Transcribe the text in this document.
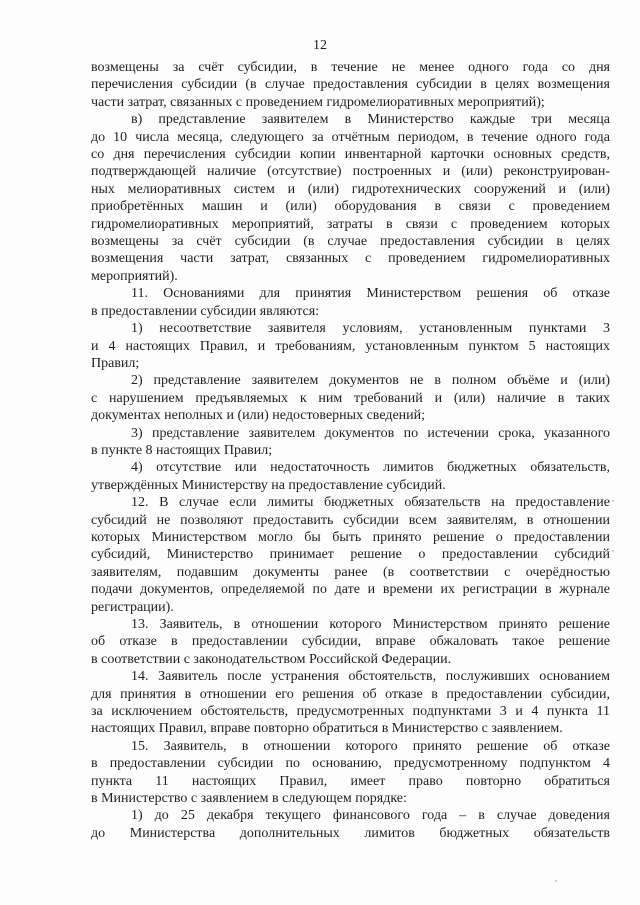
12
возмещены за счёт субсидии, в течение не менее одного года со дня
перечисления субсидии (в случае предоставления субсидии в целях возмещения
части затрат, связанных с проведением гидромелиоративных мероприятий);
в) представление заявителем в Министерство каждые три месяца
до 10 числа месяца, следующего за отчётным периодом, в течение одного года
со дня перечисления субсидии копии инвентарной карточки основных средств,
подтверждающей наличие (отсутствие) построенных и (или) реконструирован-
ных мелиоративных систем и (или) гидротехнических сооружений и (или)
приобретённых машин и (или) оборудования в связи с проведением
гидромелиоративных мероприятий, затраты в связи с проведением которых
возмещены за счёт субсидии (в случае предоставления субсидии в целях
возмещения части затрат, связанных с проведением гидромелиоративных
мероприятий).
11. Основаниями для принятия Министерством решения об отказе
в предоставлении субсидии являются:
1) несоответствие заявителя условиям, установленным пунктами 3
и 4 настоящих Правил, и требованиям, установленным пунктом 5 настоящих
Правил;
2) представление заявителем документов не в полном объёме и (или)
с нарушением предъявляемых к ним требований и (или) наличие в таких
документах неполных и (или) недостоверных сведений;
3) представление заявителем документов по истечении срока, указанного
в пункте 8 настоящих Правил;
4) отсутствие или недостаточность лимитов бюджетных обязательств,
утверждённых Министерству на предоставление субсидий.
12. В случае если лимиты бюджетных обязательств на предоставление
субсидий не позволяют предоставить субсидии всем заявителям, в отношении
которых Министерством могло бы быть принято решение о предоставлении
субсидий, Министерство принимает решение о предоставлении субсидий
заявителям, подавшим документы ранее (в соответствии с очерёдностью
подачи документов, определяемой по дате и времени их регистрации в журнале
регистрации).
13. Заявитель, в отношении которого Министерством принято решение
об отказе в предоставлении субсидии, вправе обжаловать такое решение
в соответствии с законодательством Российской Федерации.
14. Заявитель после устранения обстоятельств, послуживших основанием
для принятия в отношении его решения об отказе в предоставлении субсидии,
за исключением обстоятельств, предусмотренных подпунктами 3 и 4 пункта 11
настоящих Правил, вправе повторно обратиться в Министерство с заявлением.
15. Заявитель, в отношении которого принято решение об отказе
в предоставлении субсидии по основанию, предусмотренному подпунктом 4
пункта 11 настоящих Правил, имеет право повторно обратиться
в Министерство с заявлением в следующем порядке:
1) до 25 декабря текущего финансового года – в случае доведения
до Министерства дополнительных лимитов бюджетных обязательств
